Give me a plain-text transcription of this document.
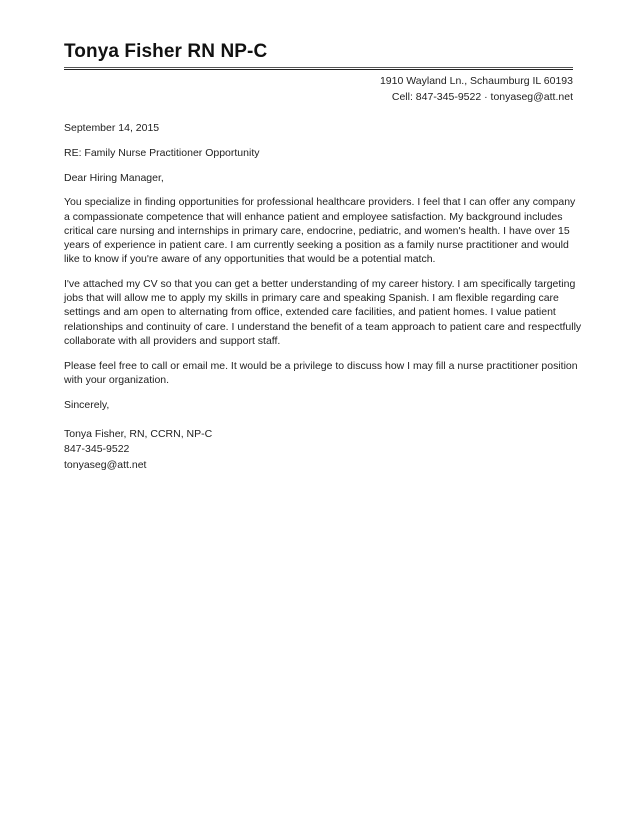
Tonya Fisher RN NP-C
1910 Wayland Ln., Schaumburg IL 60193
Cell: 847-345-9522 · tonyaseg@att.net

September 14, 2015

RE: Family Nurse Practitioner Opportunity

Dear Hiring Manager,

You specialize in finding opportunities for professional healthcare providers. I feel that I can offer any company
a compassionate competence that will enhance patient and employee satisfaction. My background includes
critical care nursing and internships in primary care, endocrine, pediatric, and women's health. I have over 15
years of experience in patient care. I am currently seeking a position as a family nurse practitioner and would
like to know if you're aware of any opportunities that would be a potential match.

I've attached my CV so that you can get a better understanding of my career history. I am specifically targeting
jobs that will allow me to apply my skills in primary care and speaking Spanish. I am flexible regarding care
settings and am open to alternating from office, extended care facilities, and patient homes. I value patient
relationships and continuity of care. I understand the benefit of a team approach to patient care and respectfully
collaborate with all providers and support staff.

Please feel free to call or email me. It would be a privilege to discuss how I may fill a nurse practitioner position
with your organization.

Sincerely,

Tonya Fisher, RN, CCRN, NP-C
847-345-9522
tonyaseg@att.net
